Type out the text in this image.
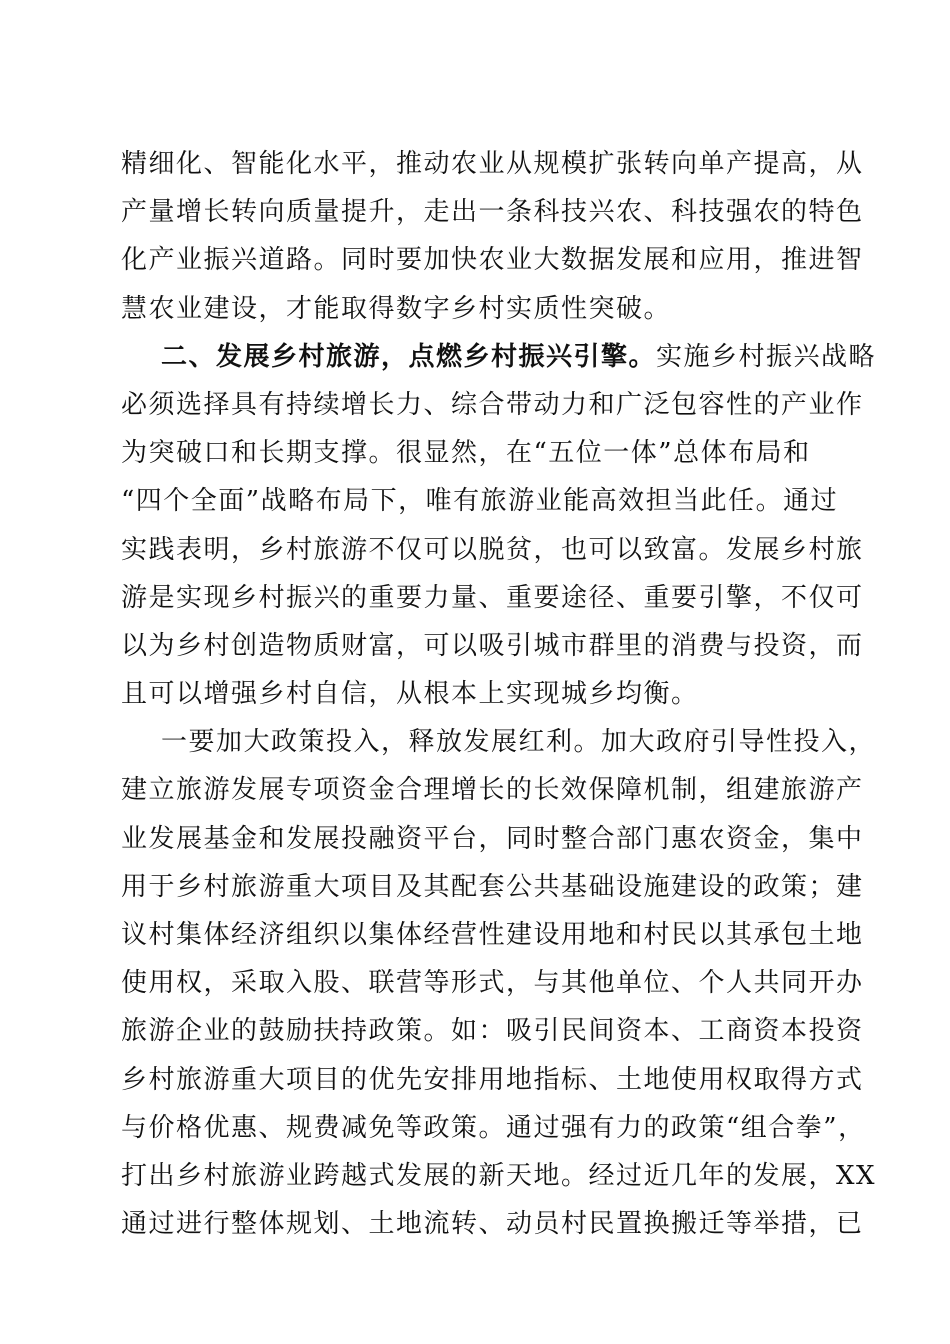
精细化、智能化水平，推动农业从规模扩张转向单产提高，从
产量增长转向质量提升，走出一条科技兴农、科技强农的特色
化产业振兴道路。同时要加快农业大数据发展和应用，推进智
慧农业建设，才能取得数字乡村实质性突破。
二、发展乡村旅游，点燃乡村振兴引擎。实施乡村振兴战略
必须选择具有持续增长力、综合带动力和广泛包容性的产业作
为突破口和长期支撑。很显然，在“五位一体”总体布局和
“四个全面”战略布局下，唯有旅游业能高效担当此任。通过
实践表明，乡村旅游不仅可以脱贫，也可以致富。发展乡村旅
游是实现乡村振兴的重要力量、重要途径、重要引擎，不仅可
以为乡村创造物质财富，可以吸引城市群里的消费与投资，而
且可以增强乡村自信，从根本上实现城乡均衡。
一要加大政策投入，释放发展红利。加大政府引导性投入，
建立旅游发展专项资金合理增长的长效保障机制，组建旅游产
业发展基金和发展投融资平台，同时整合部门惠农资金，集中
用于乡村旅游重大项目及其配套公共基础设施建设的政策；建
议村集体经济组织以集体经营性建设用地和村民以其承包土地
使用权，采取入股、联营等形式，与其他单位、个人共同开办
旅游企业的鼓励扶持政策。如：吸引民间资本、工商资本投资
乡村旅游重大项目的优先安排用地指标、土地使用权取得方式
与价格优惠、规费减免等政策。通过强有力的政策“组合拳”，
打出乡村旅游业跨越式发展的新天地。经过近几年的发展，XX
通过进行整体规划、土地流转、动员村民置换搬迁等举措，已
